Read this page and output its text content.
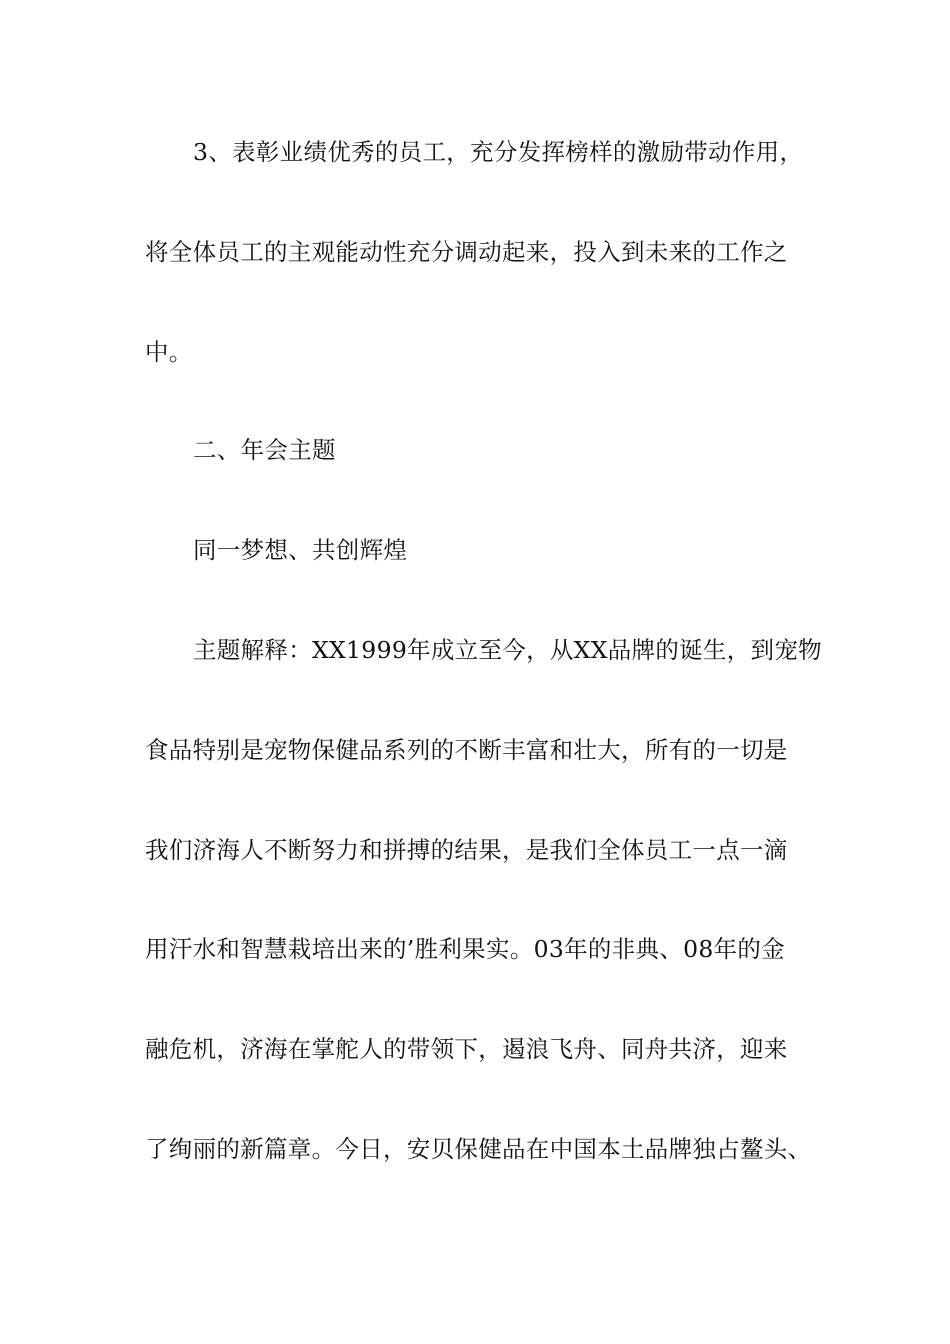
3、表彰业绩优秀的员工，充分发挥榜样的激励带动作用，
将全体员工的主观能动性充分调动起来，投入到未来的工作之
中。
二、年会主题
同一梦想、共创辉煌
主题解释：XX1999年成立至今，从XX品牌的诞生，到宠物
食品特别是宠物保健品系列的不断丰富和壮大，所有的一切是
我们济海人不断努力和拼搏的结果，是我们全体员工一点一滴
用汗水和智慧栽培出来的’胜利果实。03年的非典、08年的金
融危机，济海在掌舵人的带领下，遏浪飞舟、同舟共济，迎来
了绚丽的新篇章。今日，安贝保健品在中国本土品牌独占鳌头、
